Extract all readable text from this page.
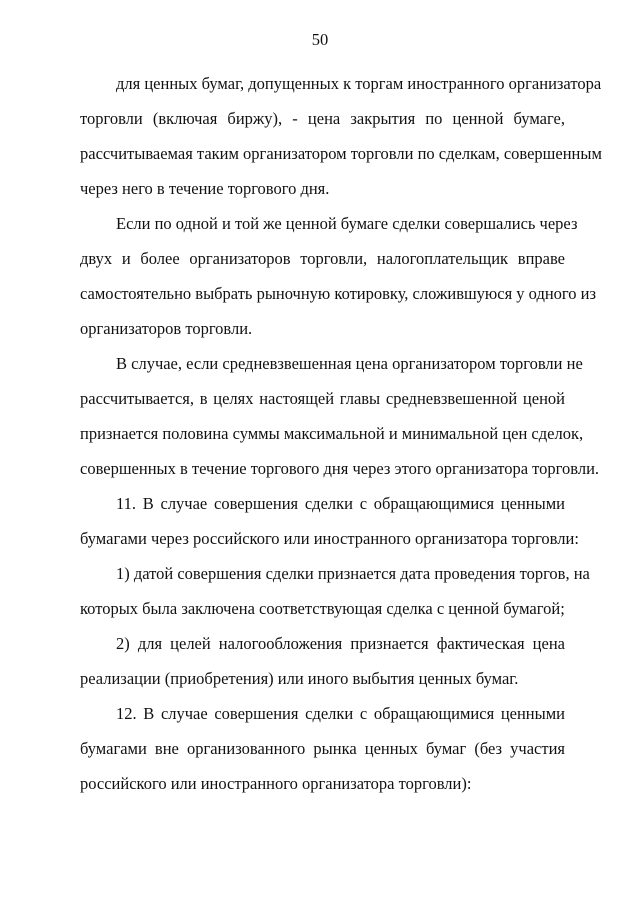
50
для ценных бумаг, допущенных к торгам иностранного организатора
торговли (включая биржу), - цена закрытия по ценной бумаге,
рассчитываемая таким организатором торговли по сделкам, совершенным
через него в течение торгового дня.
Если по одной и той же ценной бумаге сделки совершались через
двух и более организаторов торговли, налогоплательщик вправе
самостоятельно выбрать рыночную котировку, сложившуюся у одного из
организаторов торговли.
В случае, если средневзвешенная цена организатором торговли не
рассчитывается, в целях настоящей главы средневзвешенной ценой
признается половина суммы максимальной и минимальной цен сделок,
совершенных в течение торгового дня через этого организатора торговли.
11. В случае совершения сделки с обращающимися ценными
бумагами через российского или иностранного организатора торговли:
1) датой совершения сделки признается дата проведения торгов, на
которых была заключена соответствующая сделка с ценной бумагой;
2) для целей налогообложения признается фактическая цена
реализации (приобретения) или иного выбытия ценных бумаг.
12. В случае совершения сделки с обращающимися ценными
бумагами вне организованного рынка ценных бумаг (без участия
российского или иностранного организатора торговли):
